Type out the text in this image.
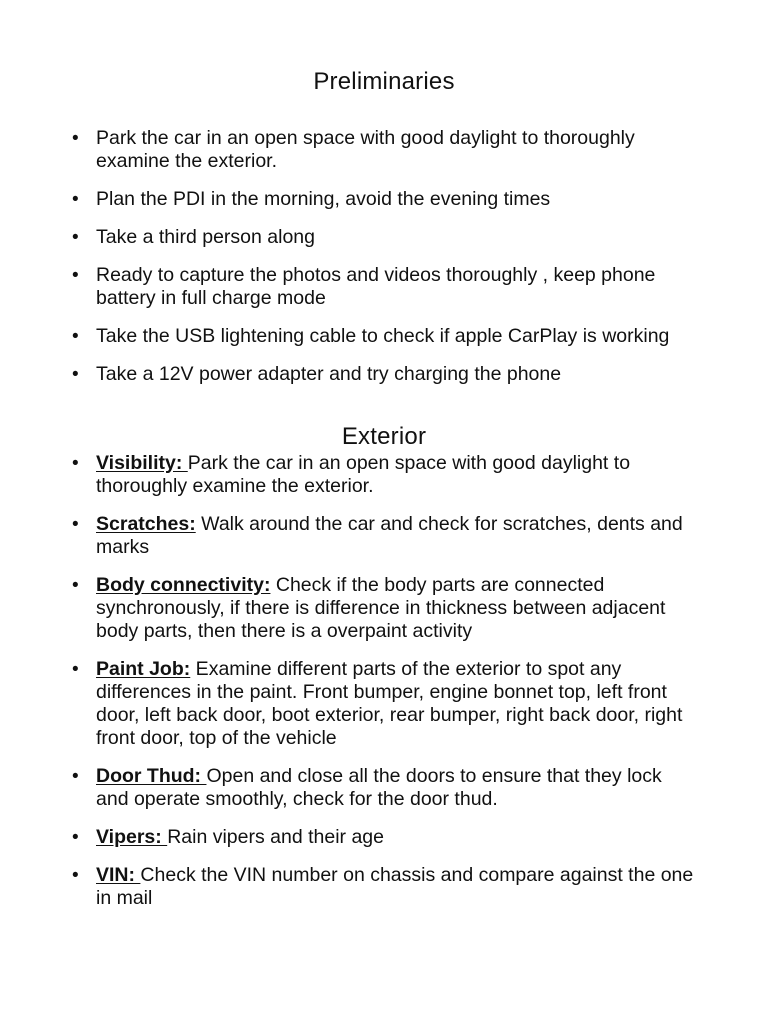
Preliminaries
• Park the car in an open space with good daylight to thoroughly examine the exterior.
• Plan the PDI in the morning, avoid the evening times
• Take a third person along
• Ready to capture the photos and videos thoroughly , keep phone battery in full charge mode
• Take the USB lightening cable to check if apple CarPlay is working
• Take a 12V power adapter and try charging the phone
Exterior
• Visibility: Park the car in an open space with good daylight to thoroughly examine the exterior.
• Scratches: Walk around the car and check for scratches, dents and marks
• Body connectivity: Check if the body parts are connected synchronously, if there is difference in thickness between adjacent body parts, then there is a overpaint activity
• Paint Job: Examine different parts of the exterior to spot any differences in the paint. Front bumper, engine bonnet top, left front door, left back door, boot exterior, rear bumper, right back door, right front door, top of the vehicle
• Door Thud: Open and close all the doors to ensure that they lock and operate smoothly, check for the door thud.
• Vipers: Rain vipers and their age
• VIN: Check the VIN number on chassis and compare against the one in mail
